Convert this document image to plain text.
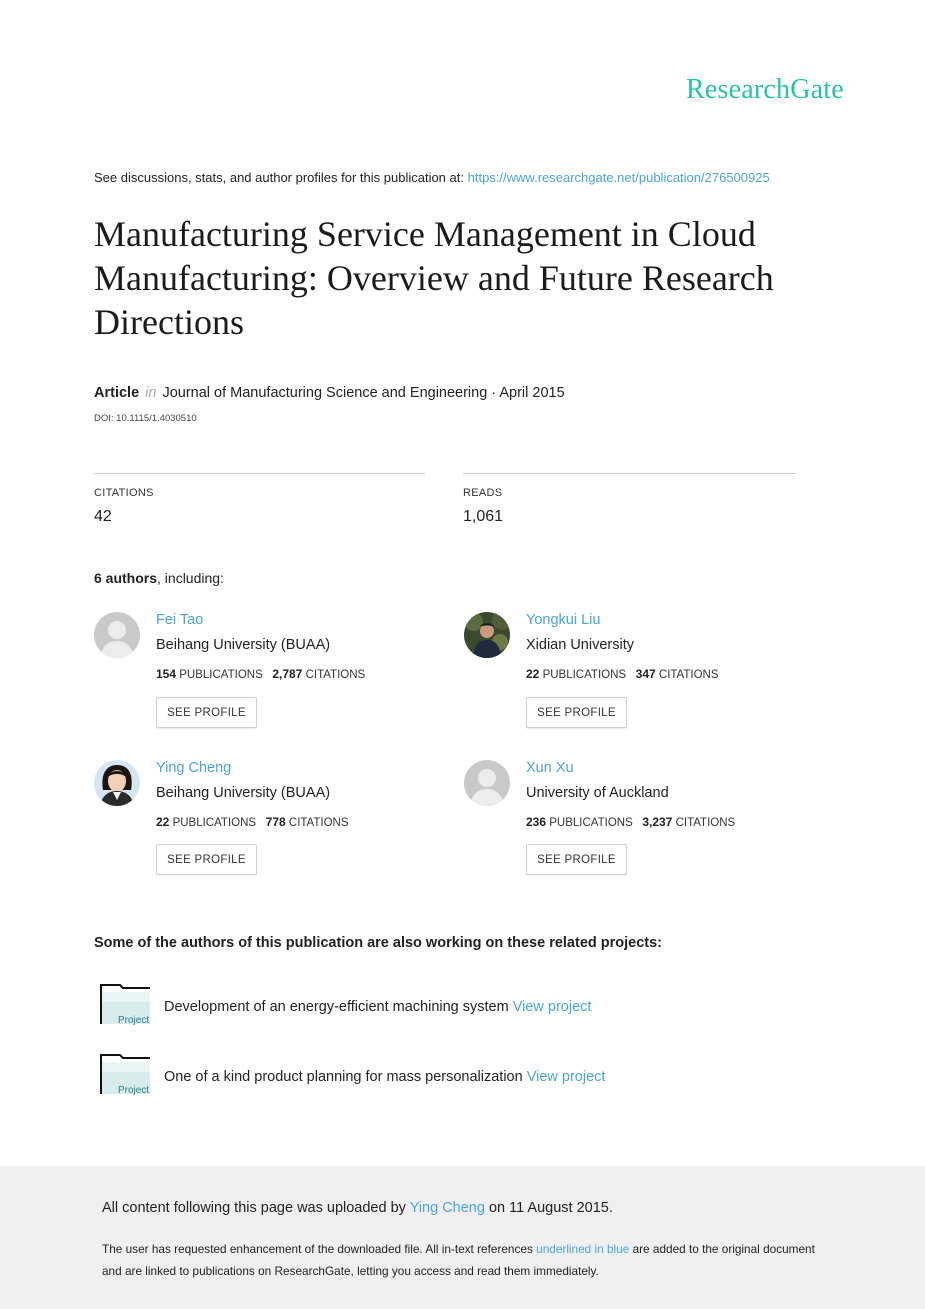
ResearchGate
See discussions, stats, and author profiles for this publication at: https://www.researchgate.net/publication/276500925
Manufacturing Service Management in Cloud Manufacturing: Overview and Future Research Directions
Article in Journal of Manufacturing Science and Engineering · April 2015
DOI: 10.1115/1.4030510
CITATIONS
42
READS
1,061
6 authors, including:
Fei Tao
Beihang University (BUAA)
154 PUBLICATIONS 2,787 CITATIONS
SEE PROFILE
Yongkui Liu
Xidian University
22 PUBLICATIONS 347 CITATIONS
SEE PROFILE
Ying Cheng
Beihang University (BUAA)
22 PUBLICATIONS 778 CITATIONS
SEE PROFILE
Xun Xu
University of Auckland
236 PUBLICATIONS 3,237 CITATIONS
SEE PROFILE
Some of the authors of this publication are also working on these related projects:
Project
Development of an energy-efficient machining system View project
Project
One of a kind product planning for mass personalization View project
All content following this page was uploaded by Ying Cheng on 11 August 2015.
The user has requested enhancement of the downloaded file. All in-text references underlined in blue are added to the original document and are linked to publications on ResearchGate, letting you access and read them immediately.
